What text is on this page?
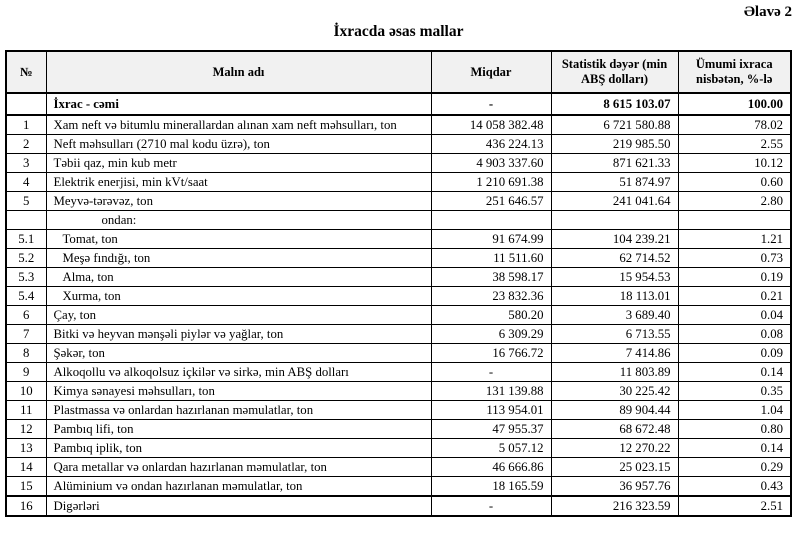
Əlavə 2
İxracda əsas mallar
№	Malın adı	Miqdar	Statistik dəyər (min ABŞ dolları)	Ümumi ixraca nisbətən, %-lə
	İxrac - cəmi	-	8 615 103.07	100.00
1	Xam neft və bitumlu minerallardan alınan xam neft məhsulları, ton	14 058 382.48	6 721 580.88	78.02
2	Neft məhsulları (2710 mal kodu üzrə), ton	436 224.13	219 985.50	2.55
3	Təbii qaz, min kub metr	4 903 337.60	871 621.33	10.12
4	Elektrik enerjisi, min kVt/saat	1 210 691.38	51 874.97	0.60
5	Meyvə-tərəvəz, ton	251 646.57	241 041.64	2.80
	ondan:			
5.1	Tomat, ton	91 674.99	104 239.21	1.21
5.2	Meşə fındığı, ton	11 511.60	62 714.52	0.73
5.3	Alma, ton	38 598.17	15 954.53	0.19
5.4	Xurma, ton	23 832.36	18 113.01	0.21
6	Çay, ton	580.20	3 689.40	0.04
7	Bitki və heyvan mənşəli piylər və yağlar, ton	6 309.29	6 713.55	0.08
8	Şəkər, ton	16 766.72	7 414.86	0.09
9	Alkoqollu və alkoqolsuz içkilər və sirkə, min ABŞ dolları	-	11 803.89	0.14
10	Kimya sənayesi məhsulları, ton	131 139.88	30 225.42	0.35
11	Plastmassa və onlardan hazırlanan məmulatlar, ton	113 954.01	89 904.44	1.04
12	Pambıq lifi, ton	47 955.37	68 672.48	0.80
13	Pambıq iplik, ton	5 057.12	12 270.22	0.14
14	Qara metallar və onlardan hazırlanan məmulatlar, ton	46 666.86	25 023.15	0.29
15	Alüminium və ondan hazırlanan məmulatlar, ton	18 165.59	36 957.76	0.43
16	Digərləri	-	216 323.59	2.51
